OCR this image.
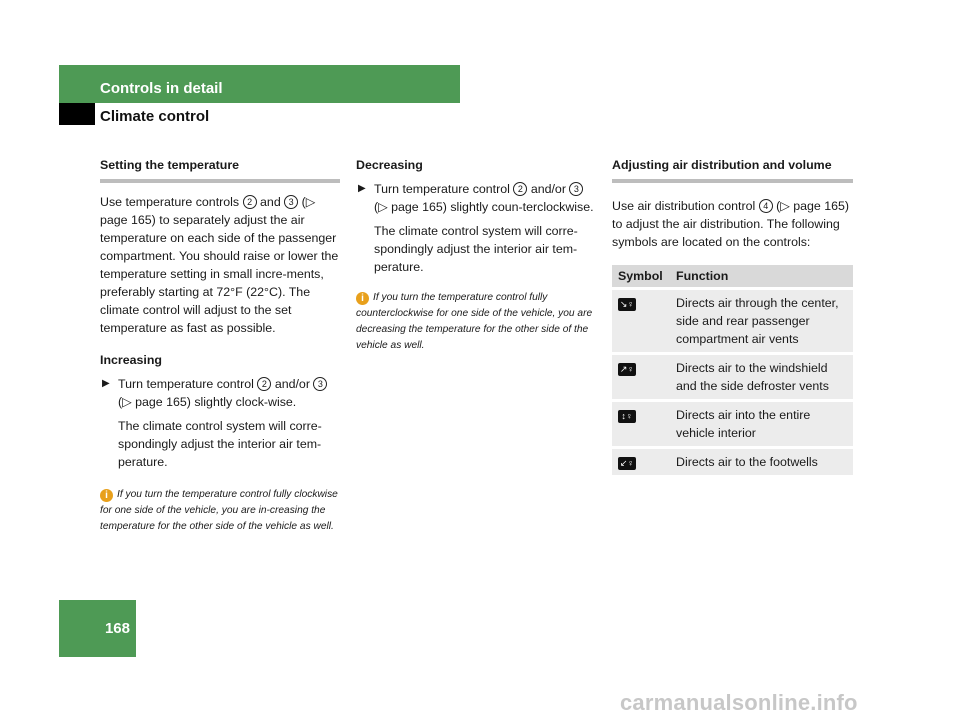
Controls in detail
Climate control
Setting the temperature

Use temperature controls 2 and 3 (▷ page 165) to separately adjust the air temperature on each side of the passenger compartment. You should raise or lower the temperature setting in small incre-ments, preferably starting at 72°F (22°C). The climate control will adjust to the set temperature as fast as possible.

Increasing

▶ Turn temperature control 2 and/or 3 (▷ page 165) slightly clock-wise.

The climate control system will corre-spondingly adjust the interior air tem-perature.

i If you turn the temperature control fully clockwise for one side of the vehicle, you are in-creasing the temperature for the other side of the vehicle as well.

Decreasing

▶ Turn temperature control 2 and/or 3 (▷ page 165) slightly coun-terclockwise.

The climate control system will corre-spondingly adjust the interior air tem-perature.

i If you turn the temperature control fully counterclockwise for one side of the vehicle, you are decreasing the temperature for the other side of the vehicle as well.

Adjusting air distribution and volume

Use air distribution control 4 (▷ page 165) to adjust the air distribution. The following symbols are located on the controls:

Symbol	Function
↘♀	Directs air through the center, side and rear passenger compartment air vents
↗♀	Directs air to the windshield and the side defroster vents
↕♀	Directs air into the entire vehicle interior
↙♀	Directs air to the footwells
168
carmanualsonline.info
